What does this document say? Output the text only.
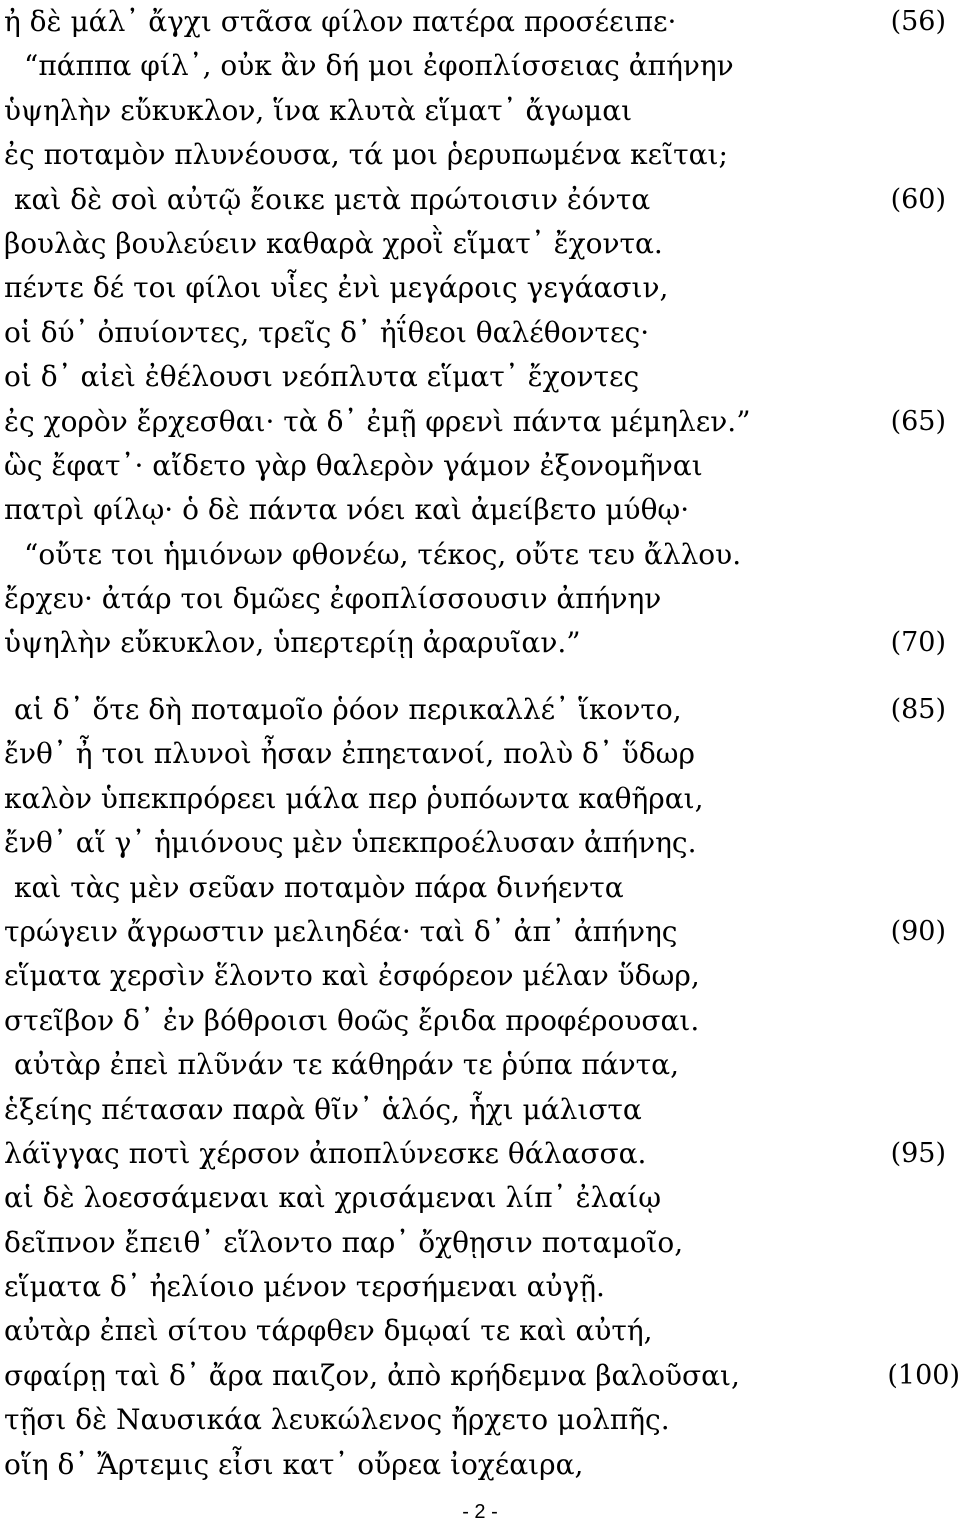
ἠ δὲ μάλ᾽ ἄγχι στᾶσα φίλον πατέρα προσέειπε·	(56)
“πάππα φίλ᾽, οὐκ ἂν δή μοι ἐφοπλίσσειας ἀπήνην
ὑψηλὴν εὔκυκλον, ἵνα κλυτὰ εἵματ᾽ ἄγωμαι
ἐς ποταμὸν πλυνέουσα, τά μοι ῥερυπωμένα κεῖται;
καὶ δὲ σοὶ αὐτῷ ἔοικε μετὰ πρώτοισιν ἐόντα	(60)
βουλὰς βουλεύειν καθαρὰ χροῒ εἵματ᾽ ἔχοντα.
πέντε δέ τοι φίλοι υἷες ἐνὶ μεγάροις γεγάασιν,
οἱ δύ᾽ ὀπυίοντες, τρεῖς δ᾽ ἠΐθεοι θαλέθοντες·
οἱ δ᾽ αἰεὶ ἐθέλουσι νεόπλυτα εἵματ᾽ ἔχοντες
ἐς χορὸν ἔρχεσθαι· τὰ δ᾽ ἐμῇ φρενὶ πάντα μέμηλεν.”	(65)
ὣς ἔφατ᾽· αἴδετο γὰρ θαλερὸν γάμον ἐξονομῆναι
πατρὶ φίλῳ· ὁ δὲ πάντα νόει καὶ ἀμείβετο μύθῳ·
“οὔτε τοι ἡμιόνων φθονέω, τέκος, οὔτε τευ ἄλλου.
ἔρχευ· ἀτάρ τοι δμῶες ἐφοπλίσσουσιν ἀπήνην
ὑψηλὴν εὔκυκλον, ὑπερτερίῃ ἀραρυῖαν.”	(70)
αἱ δ᾽ ὅτε δὴ ποταμοῖο ῥόον περικαλλέ᾽ ἵκοντο,	(85)
ἔνθ᾽ ἦ τοι πλυνοὶ ἦσαν ἐπηετανοί, πολὺ δ᾽ ὕδωρ
καλὸν ὑπεκπρόρεει μάλα περ ῥυπόωντα καθῆραι,
ἔνθ᾽ αἵ γ᾽ ἡμιόνους μὲν ὑπεκπροέλυσαν ἀπήνης.
καὶ τὰς μὲν σεῦαν ποταμὸν πάρα δινήεντα
τρώγειν ἄγρωστιν μελιηδέα· ταὶ δ᾽ ἀπ᾽ ἀπήνης	(90)
εἵματα χερσὶν ἕλοντο καὶ ἐσφόρεον μέλαν ὕδωρ,
στεῖβον δ᾽ ἐν βόθροισι θοῶς ἔριδα προφέρουσαι.
αὐτὰρ ἐπεὶ πλῦνάν τε κάθηράν τε ῥύπα πάντα,
ἑξείης πέτασαν παρὰ θῖν᾽ ἁλός, ἧχι μάλιστα
λάϊγγας ποτὶ χέρσον ἀποπλύνεσκε θάλασσα.	(95)
αἱ δὲ λοεσσάμεναι καὶ χρισάμεναι λίπ᾽ ἐλαίῳ
δεῖπνον ἔπειθ᾽ εἵλοντο παρ᾽ ὄχθῃσιν ποταμοῖο,
εἵματα δ᾽ ἠελίοιο μένον τερσήμεναι αὐγῇ.
αὐτὰρ ἐπεὶ σίτου τάρφθεν δμῳαί τε καὶ αὐτή,
σφαίρῃ ταὶ δ᾽ ἄρα παιζον, ἀπὸ κρήδεμνα βαλοῦσαι,	(100)
τῇσι δὲ Ναυσικάα λευκώλενος ἤρχετο μολπῆς.
οἵη δ᾽ Ἄρτεμις εἶσι κατ᾽ οὔρεα ἰοχέαιρα,
- 2 -
